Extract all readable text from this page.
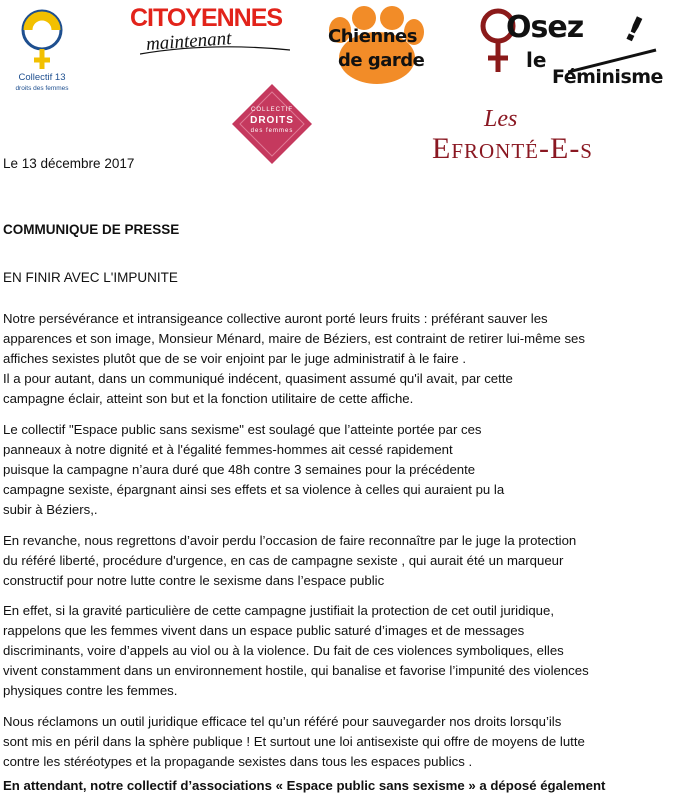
Collectif 13
droits des femmes
CITOYENNES
maintenant	Chiennes
de garde
Osez
le
Féminisme
!
COLLECTIF
DROITS
des femmes	Les
Efronté-E-s
Le 13 décembre 2017
COMMUNIQUE DE PRESSE
EN FINIR AVEC L'IMPUNITE
Notre persévérance et intransigeance collective auront porté leurs fruits : préférant sauver les
apparences et son image, Monsieur Ménard, maire de Béziers, est contraint de retirer lui-même ses
affiches sexistes plutôt que de se voir enjoint par le juge administratif à le faire .
Il a pour autant, dans un communiqué indécent, quasiment assumé qu'il avait, par cette
campagne éclair, atteint son but et la fonction utilitaire de cette affiche.
Le collectif "Espace public sans sexisme" est soulagé que l’atteinte portée par ces
panneaux à notre dignité et à l'égalité femmes-hommes ait cessé rapidement
puisque la campagne n’aura duré que 48h contre 3 semaines pour la précédente
campagne sexiste, épargnant ainsi ses effets et sa violence à celles qui auraient pu la
subir à Béziers,.
En revanche, nous regrettons d’avoir perdu l’occasion de faire reconnaître par le juge la protection
du référé liberté, procédure d'urgence, en cas de campagne sexiste , qui aurait été un marqueur
constructif pour notre lutte contre le sexisme dans l’espace public
En effet, si la gravité particulière de cette campagne justifiait la protection de cet outil juridique,
rappelons que les femmes vivent dans un espace public saturé d’images et de messages
discriminants, voire d’appels au viol ou à la violence. Du fait de ces violences symboliques, elles
vivent constamment dans un environnement hostile, qui banalise et favorise l’impunité des violences
physiques contre les femmes.
Nous réclamons un outil juridique efficace tel qu’un référé pour sauvegarder nos droits lorsqu’ils
sont mis en péril dans la sphère publique ! Et surtout une loi antisexiste qui offre de moyens de lutte
contre les stéréotypes et la propagande sexistes dans tous les espaces publics .
En attendant, notre collectif d’associations « Espace public sans sexisme » a déposé également
